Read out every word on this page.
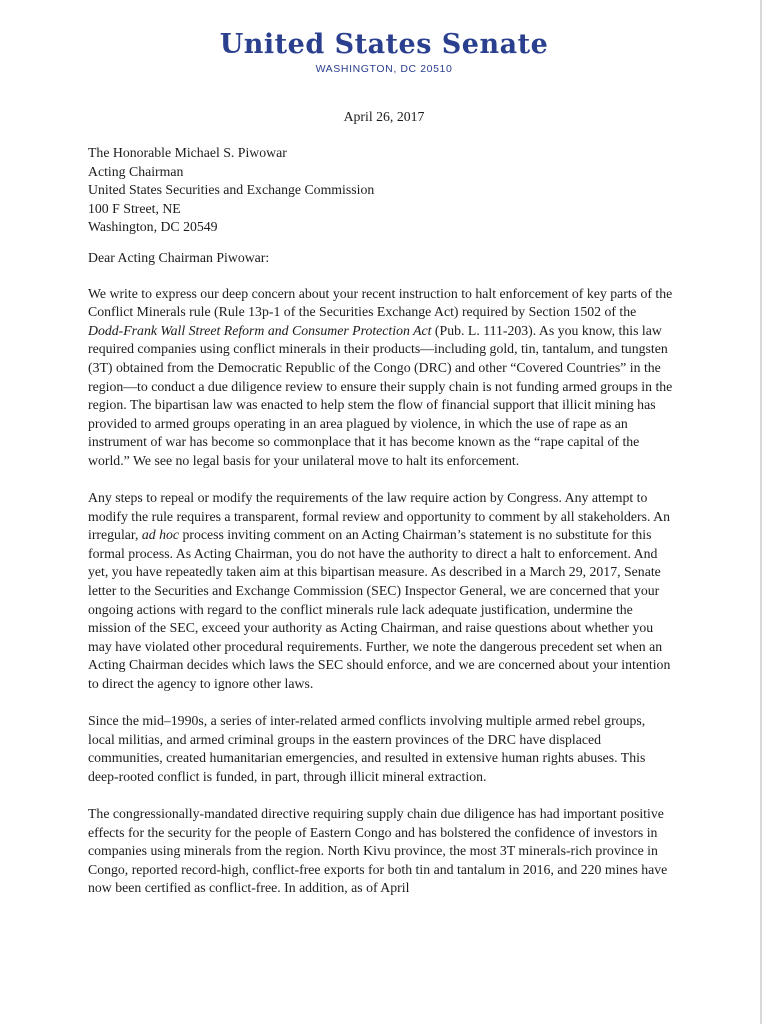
United States Senate
WASHINGTON, DC 20510
April 26, 2017
The Honorable Michael S. Piwowar
Acting Chairman
United States Securities and Exchange Commission
100 F Street, NE
Washington, DC 20549

Dear Acting Chairman Piwowar:

We write to express our deep concern about your recent instruction to halt enforcement of key parts of the Conflict Minerals rule (Rule 13p-1 of the Securities Exchange Act) required by Section 1502 of the Dodd-Frank Wall Street Reform and Consumer Protection Act (Pub. L. 111-203). As you know, this law required companies using conflict minerals in their products—including gold, tin, tantalum, and tungsten (3T) obtained from the Democratic Republic of the Congo (DRC) and other “Covered Countries” in the region—to conduct a due diligence review to ensure their supply chain is not funding armed groups in the region. The bipartisan law was enacted to help stem the flow of financial support that illicit mining has provided to armed groups operating in an area plagued by violence, in which the use of rape as an instrument of war has become so commonplace that it has become known as the “rape capital of the world.” We see no legal basis for your unilateral move to halt its enforcement.

Any steps to repeal or modify the requirements of the law require action by Congress. Any attempt to modify the rule requires a transparent, formal review and opportunity to comment by all stakeholders. An irregular, ad hoc process inviting comment on an Acting Chairman’s statement is no substitute for this formal process. As Acting Chairman, you do not have the authority to direct a halt to enforcement. And yet, you have repeatedly taken aim at this bipartisan measure. As described in a March 29, 2017, Senate letter to the Securities and Exchange Commission (SEC) Inspector General, we are concerned that your ongoing actions with regard to the conflict minerals rule lack adequate justification, undermine the mission of the SEC, exceed your authority as Acting Chairman, and raise questions about whether you may have violated other procedural requirements. Further, we note the dangerous precedent set when an Acting Chairman decides which laws the SEC should enforce, and we are concerned about your intention to direct the agency to ignore other laws.

Since the mid–1990s, a series of inter-related armed conflicts involving multiple armed rebel groups, local militias, and armed criminal groups in the eastern provinces of the DRC have displaced communities, created humanitarian emergencies, and resulted in extensive human rights abuses. This deep-rooted conflict is funded, in part, through illicit mineral extraction.

The congressionally-mandated directive requiring supply chain due diligence has had important positive effects for the security for the people of Eastern Congo and has bolstered the confidence of investors in companies using minerals from the region. North Kivu province, the most 3T minerals-rich province in Congo, reported record-high, conflict-free exports for both tin and tantalum in 2016, and 220 mines have now been certified as conflict-free. In addition, as of April
